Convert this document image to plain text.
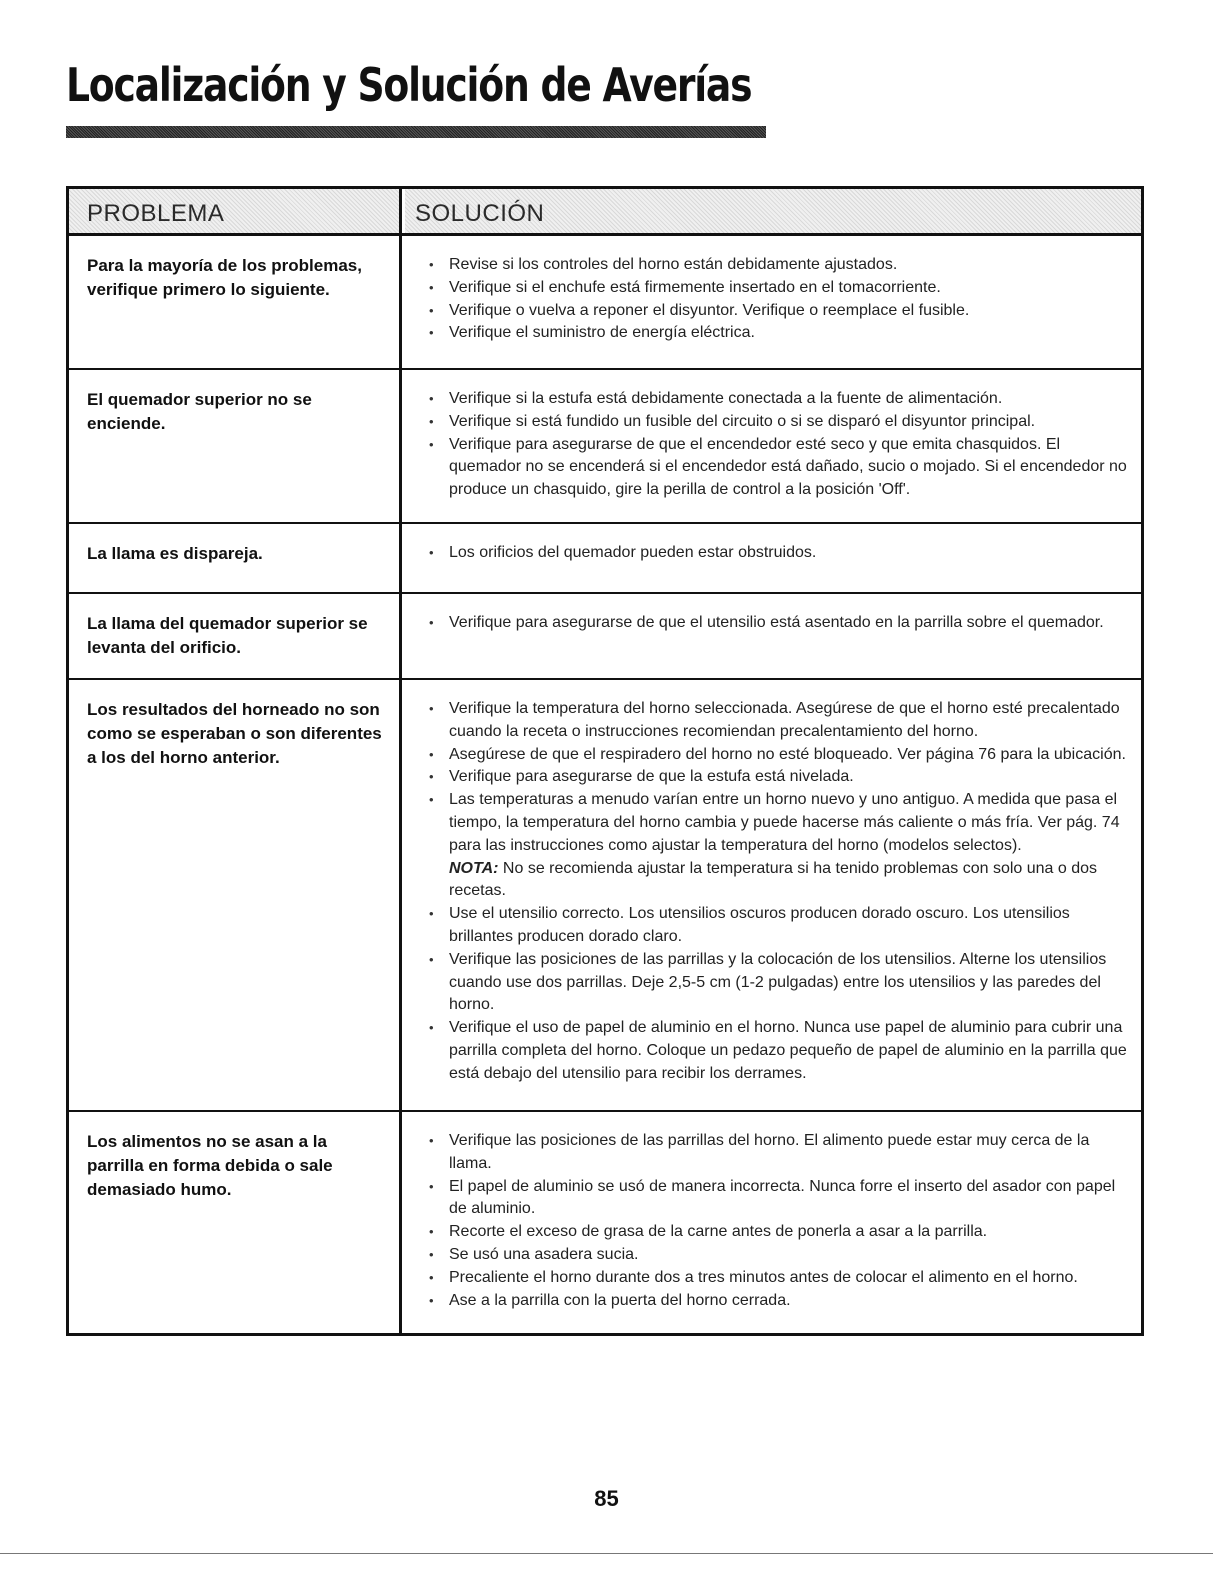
Localización y Solución de Averías
PROBLEMA	SOLUCIÓN
Para la mayoría de los problemas, verifique primero lo siguiente.
• Revise si los controles del horno están debidamente ajustados.
• Verifique si el enchufe está firmemente insertado en el tomacorriente.
• Verifique o vuelva a reponer el disyuntor. Verifique o reemplace el fusible.
• Verifique el suministro de energía eléctrica.
El quemador superior no se enciende.
• Verifique si la estufa está debidamente conectada a la fuente de alimentación.
• Verifique si está fundido un fusible del circuito o si se disparó el disyuntor principal.
• Verifique para asegurarse de que el encendedor esté seco y que emita chasquidos. El quemador no se encenderá si el encendedor está dañado, sucio o mojado. Si el encendedor no produce un chasquido, gire la perilla de control a la posición 'Off'.
La llama es dispareja.
•	Los orificios del quemador pueden estar obstruidos.
La llama del quemador superior se levanta del orificio.
• Verifique para asegurarse de que el utensilio está asentado en la parrilla sobre el quemador.
Los resultados del horneado no son como se esperaban o son diferentes a los del horno anterior.
• Verifique la temperatura del horno seleccionada. Asegúrese de que el horno esté precalentado cuando la receta o instrucciones recomiendan precalentamiento del horno.
• Asegúrese de que el respiradero del horno no esté bloqueado. Ver página 76 para la ubicación.
• Verifique para asegurarse de que la estufa está nivelada.
• Las temperaturas a menudo varían entre un horno nuevo y uno antiguo. A medida que pasa el tiempo, la temperatura del horno cambia y puede hacerse más caliente o más fría. Ver pág. 74 para las instrucciones como ajustar la temperatura del horno (modelos selectos).
NOTA: No se recomienda ajustar la temperatura si ha tenido problemas con solo una o dos recetas.
• Use el utensilio correcto. Los utensilios oscuros producen dorado oscuro. Los utensilios brillantes producen dorado claro.
• Verifique las posiciones de las parrillas y la colocación de los utensilios. Alterne los utensilios cuando use dos parrillas. Deje 2,5-5 cm (1-2 pulgadas) entre los utensilios y las paredes del horno.
• Verifique el uso de papel de aluminio en el horno. Nunca use papel de aluminio para cubrir una parrilla completa del horno. Coloque un pedazo pequeño de papel de aluminio en la parrilla que está debajo del utensilio para recibir los derrames.
Los alimentos no se asan a la parrilla en forma debida o sale demasiado humo.
• Verifique las posiciones de las parrillas del horno. El alimento puede estar muy cerca de la llama.
• El papel de aluminio se usó de manera incorrecta. Nunca forre el inserto del asador con papel de aluminio.
• Recorte el exceso de grasa de la carne antes de ponerla a asar a la parrilla.
• Se usó una asadera sucia.
• Precaliente el horno durante dos a tres minutos antes de colocar el alimento en el horno.
• Ase a la parrilla con la puerta del horno cerrada.
85
